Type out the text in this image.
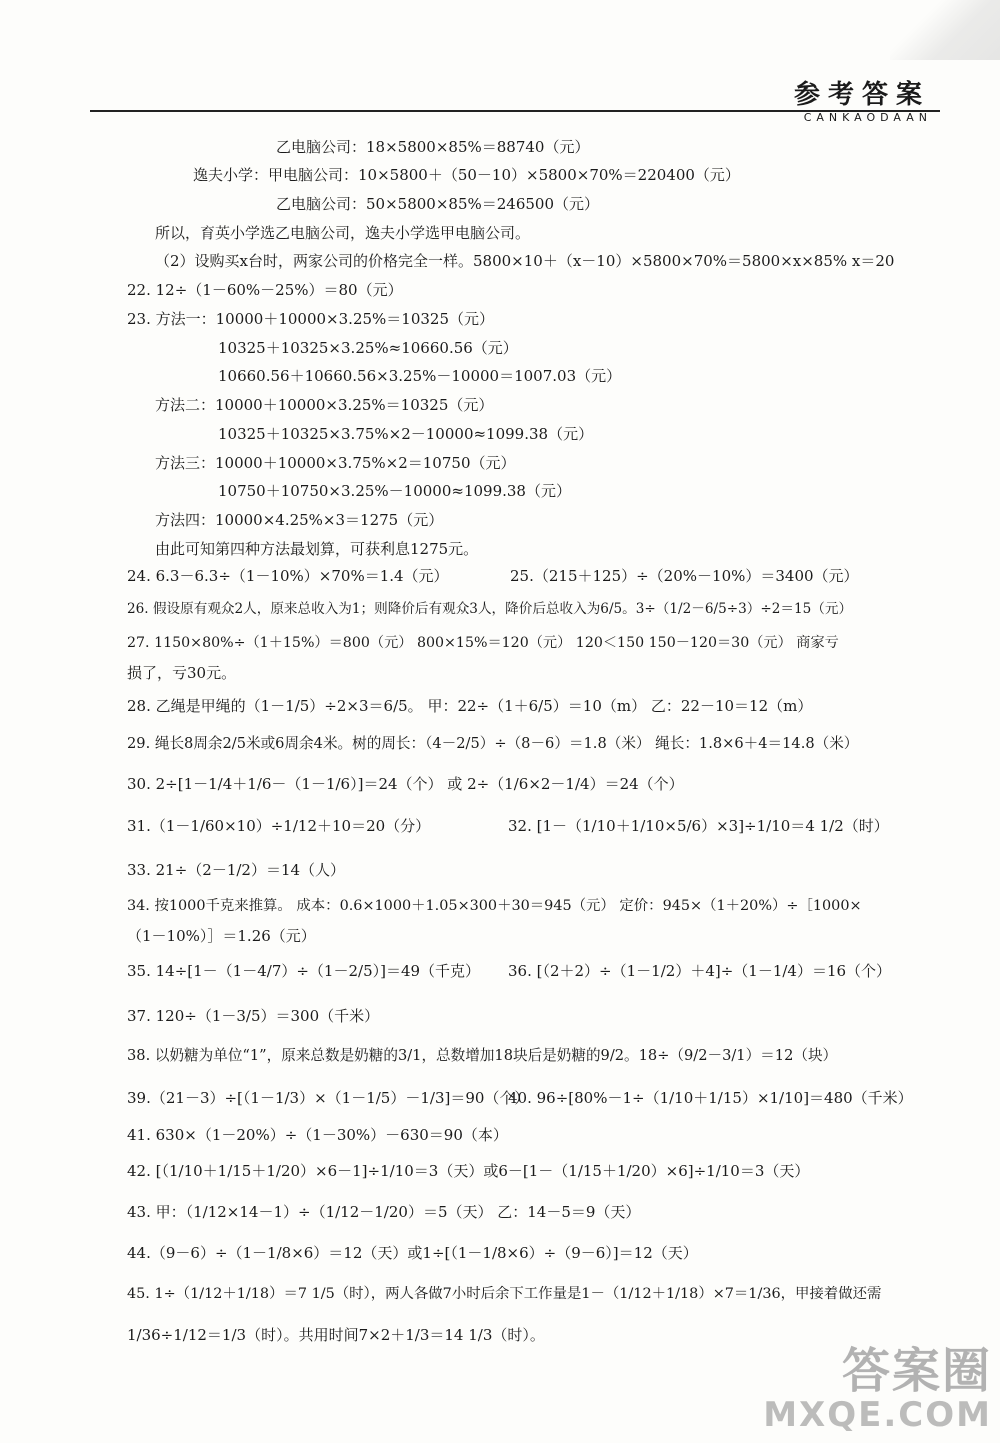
参考答案
CANKAODAAN
乙电脑公司：18×5800×85%＝88740（元）
逸夫小学：甲电脑公司：10×5800＋（50－10）×5800×70%＝220400（元）
乙电脑公司：50×5800×85%＝246500（元）
所以，育英小学选乙电脑公司，逸夫小学选甲电脑公司。
（2）设购买x台时，两家公司的价格完全一样。5800×10＋（x－10）×5800×70%＝5800×x×85% x＝20
22. 12÷（1－60%－25%）＝80（元）
23. 方法一：10000＋10000×3.25%＝10325（元）
10325＋10325×3.25%≈10660.56（元）
10660.56＋10660.56×3.25%－10000＝1007.03（元）
方法二：10000＋10000×3.25%＝10325（元）
10325＋10325×3.75%×2－10000≈1099.38（元）
方法三：10000＋10000×3.75%×2＝10750（元）
10750＋10750×3.25%－10000≈1099.38（元）
方法四：10000×4.25%×3＝1275（元）
由此可知第四种方法最划算，可获利息1275元。
24. 6.3－6.3÷（1－10%）×70%＝1.4（元）	25.（215＋125）÷（20%－10%）＝3400（元）
26. 假设原有观众2人，原来总收入为1；则降价后有观众3人，降价后总收入为6/5。3÷（1/2－6/5÷3）÷2＝15（元）
27. 1150×80%÷（1＋15%）＝800（元） 800×15%＝120（元） 120＜150 150－120＝30（元） 商家亏
损了，亏30元。
28. 乙绳是甲绳的（1－1/5）÷2×3＝6/5。 甲：22÷（1＋6/5）＝10（m） 乙：22－10＝12（m）
29. 绳长8周余2/5米或6周余4米。树的周长：（4－2/5）÷（8－6）＝1.8（米） 绳长：1.8×6＋4＝14.8（米）
30. 2÷[1－1/4＋1/6－（1－1/6）]＝24（个） 或 2÷（1/6×2－1/4）＝24（个）
31.（1－1/60×10）÷1/12＋10＝20（分）	32. [1－（1/10＋1/10×5/6）×3]÷1/10＝4 1/2（时）
33. 21÷（2－1/2）＝14（人）
34. 按1000千克来推算。 成本：0.6×1000＋1.05×300＋30＝945（元） 定价：945×（1＋20%）÷［1000×
（1－10%）］＝1.26（元）
35. 14÷[1－（1－4/7）÷（1－2/5）]＝49（千克） 36. [（2＋2）÷（1－1/2）＋4]÷（1－1/4）＝16（个）
37. 120÷（1－3/5）＝300（千米）
38. 以奶糖为单位“1”，原来总数是奶糖的3/1，总数增加18块后是奶糖的9/2。18÷（9/2－3/1）＝12（块）
39.（21－3）÷[（1－1/3）×（1－1/5）－1/3]＝90（个）
40. 96÷[80%－1÷（1/10＋1/15）×1/10]＝480（千米）
41. 630×（1－20%）÷（1－30%）－630＝90（本）
42. [（1/10＋1/15＋1/20）×6－1]÷1/10＝3（天）或6－[1－（1/15＋1/20）×6]÷1/10＝3（天）
43. 甲：（1/12×14－1）÷（1/12－1/20）＝5（天） 乙：14－5＝9（天）
44.（9－6）÷（1－1/8×6）＝12（天）或1÷[（1－1/8×6）÷（9－6）]＝12（天）
45. 1÷（1/12＋1/18）＝7 1/5（时），两人各做7小时后余下工作量是1－（1/12＋1/18）×7＝1/36，甲接着做还需
1/36÷1/12＝1/3（时）。共用时间7×2＋1/3＝14 1/3（时）。
答案圈
MXQE.COM
